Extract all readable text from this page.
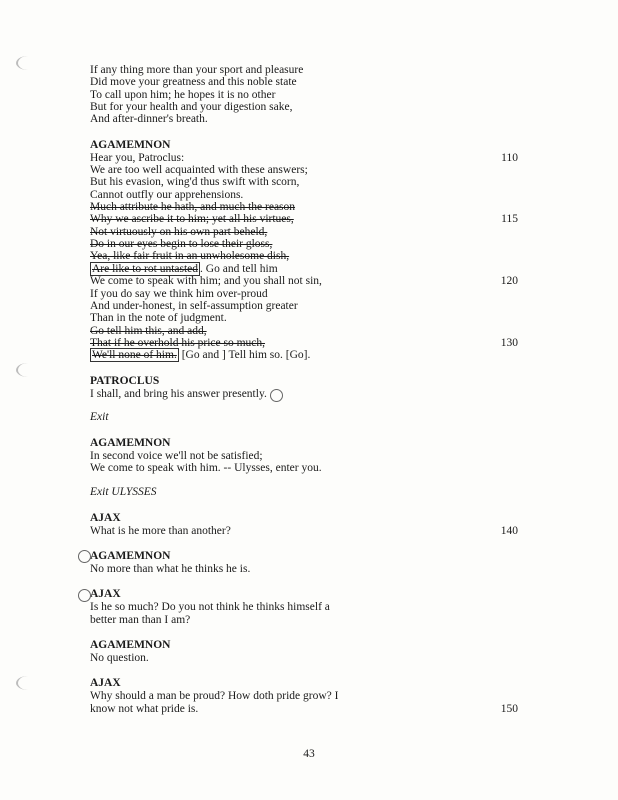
If any thing more than your sport and pleasure
Did move your greatness and this noble state
To call upon him; he hopes it is no other
But for your health and your digestion sake,
And after-dinner's breath.
AGAMEMNON
Hear you, Patroclus:	110
We are too well acquainted with these answers;
But his evasion, wing'd thus swift with scorn,
Cannot outfly our apprehensions.
Much attribute he hath, and much the reason
Why we ascribe it to him; yet all his virtues,	115
Not virtuously on his own part beheld,
Do in our eyes begin to lose their gloss,
Yea, like fair fruit in an unwholesome dish,
Are like to rot untasted . Go and tell him
We come to speak with him; and you shall not sin,	120
If you do say we think him over-proud
And under-honest, in self-assumption greater
Than in the note of judgment.
Go tell him this, and add,
That if he overhold his price so much,	130
We'll none of him. [Go and ] Tell him so. [Go].
PATROCLUS
I shall, and bring his answer presently.
Exit
AGAMEMNON
In second voice we'll not be satisfied;
We come to speak with him. -- Ulysses, enter you.
Exit ULYSSES
AJAX
What is he more than another?	140
AGAMEMNON
No more than what he thinks he is.
AJAX
Is he so much? Do you not think he thinks himself a
better man than I am?
AGAMEMNON
No question.
AJAX
Why should a man be proud? How doth pride grow? I
know not what pride is.	150
43
